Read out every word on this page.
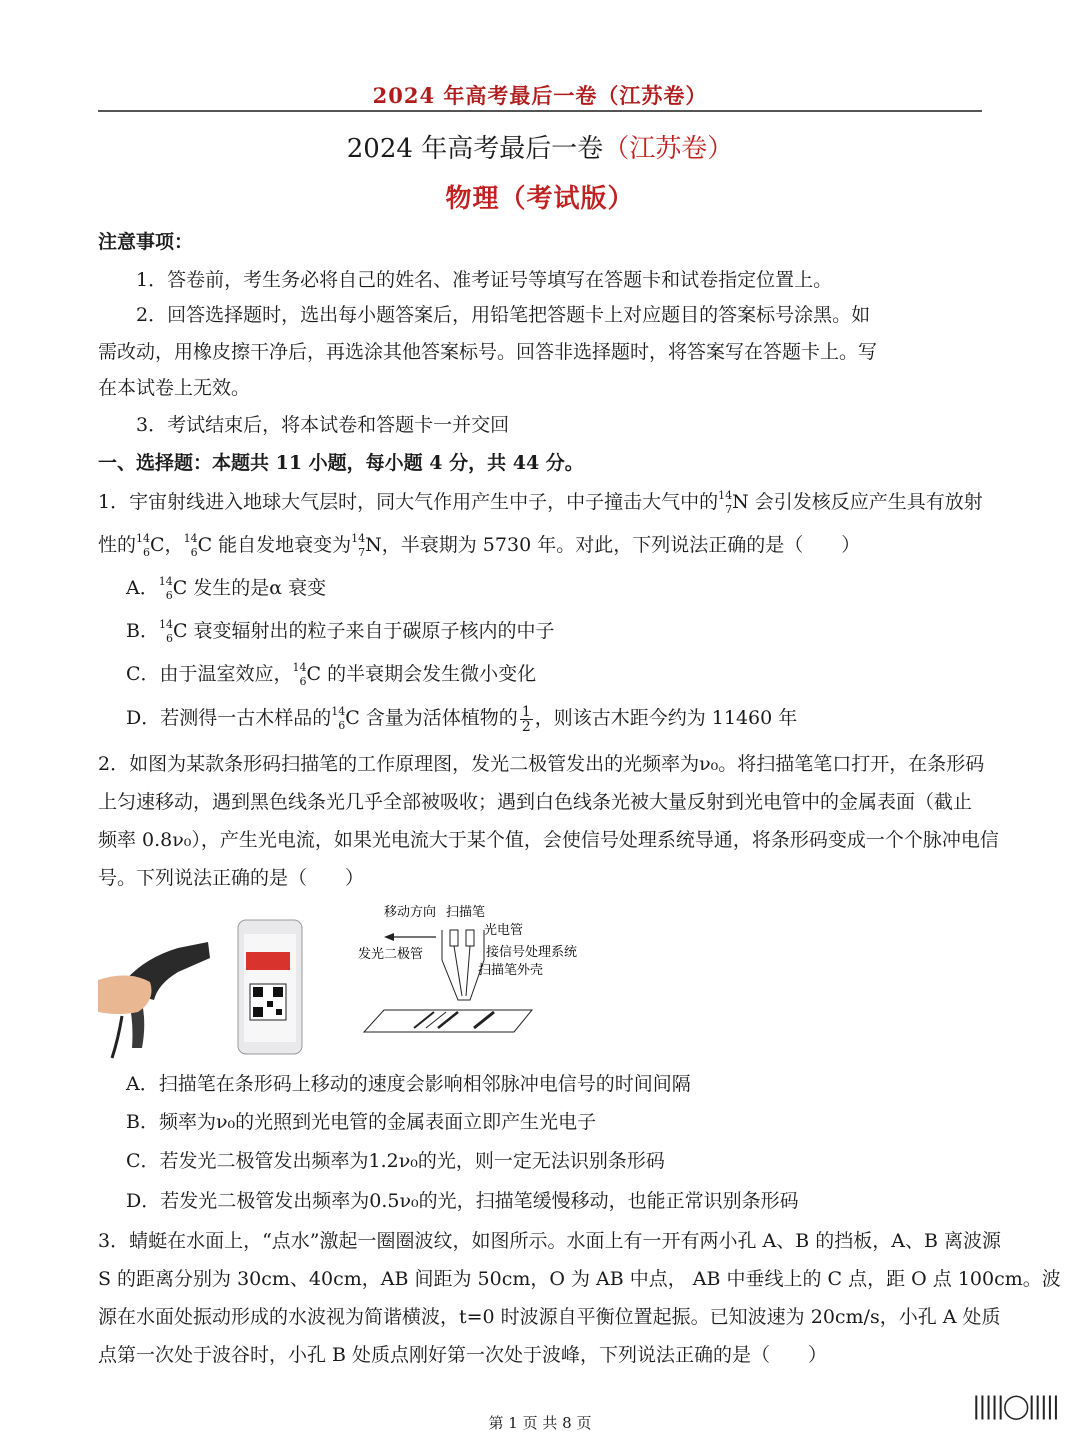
2024 年高考最后一卷（江苏卷）
2024 年高考最后一卷（江苏卷）
物理（考试版）
注意事项：
1．答卷前，考生务必将自己的姓名、准考证号等填写在答题卡和试卷指定位置上。
2．回答选择题时，选出每小题答案后，用铅笔把答题卡上对应题目的答案标号涂黑。如
需改动，用橡皮擦干净后，再选涂其他答案标号。回答非选择题时，将答案写在答题卡上。写
在本试卷上无效。
3．考试结束后，将本试卷和答题卡一并交回
一、选择题：本题共 11 小题，每小题 4 分，共 44 分。
1．宇宙射线进入地球大气层时，同大气作用产生中子，中子撞击大气中的 14
7 N 会引发核反应产生具有放射
性的 14
6 C， 14
6 C 能自发地衰变为 14
7 N，半衰期为 5730 年。对此，下列说法正确的是（　　）
A． 14
6 C 发生的是α 衰变
B． 14
6 C 衰变辐射出的粒子来自于碳原子核内的中子
C．由于温室效应， 14
6 C 的半衰期会发生微小变化
D．若测得一古木样品的 14
6 C 含量为活体植物的 $\frac{1}{2}$ ，则该古木距今约为 11460 年
2．如图为某款条形码扫描笔的工作原理图，发光二极管发出的光频率为ν₀。将扫描笔笔口打开，在条形码
上匀速移动，遇到黑色线条光几乎全部被吸收；遇到白色线条光被大量反射到光电管中的金属表面（截止
频率 0.8ν₀），产生光电流，如果光电流大于某个值，会使信号处理系统导通，将条形码变成一个个脉冲电信
号。下列说法正确的是（　　）
移动方向 扫描笔
光电管
发光二极管	接信号处理系统
扫描笔外壳
A．扫描笔在条形码上移动的速度会影响相邻脉冲电信号的时间间隔
B．频率为ν₀的光照到光电管的金属表面立即产生光电子
C．若发光二极管发出频率为1.2ν₀的光，则一定无法识别条形码
D．若发光二极管发出频率为0.5ν₀的光，扫描笔缓慢移动，也能正常识别条形码
3．蜻蜓在水面上，“点水”激起一圈圈波纹，如图所示。水面上有一开有两小孔 A、B 的挡板，A、B 离波源
S 的距离分别为 30cm、40cm，AB 间距为 50cm，O 为 AB 中点， AB 中垂线上的 C 点，距 O 点 100cm。波
源在水面处振动形成的水波视为简谐横波，t=0 时波源自平衡位置起振。已知波速为 20cm/s，小孔 A 处质
点第一次处于波谷时，小孔 B 处质点刚好第一次处于波峰，下列说法正确的是（　　）
|||||◯|||||
第 1 页 共 8 页
